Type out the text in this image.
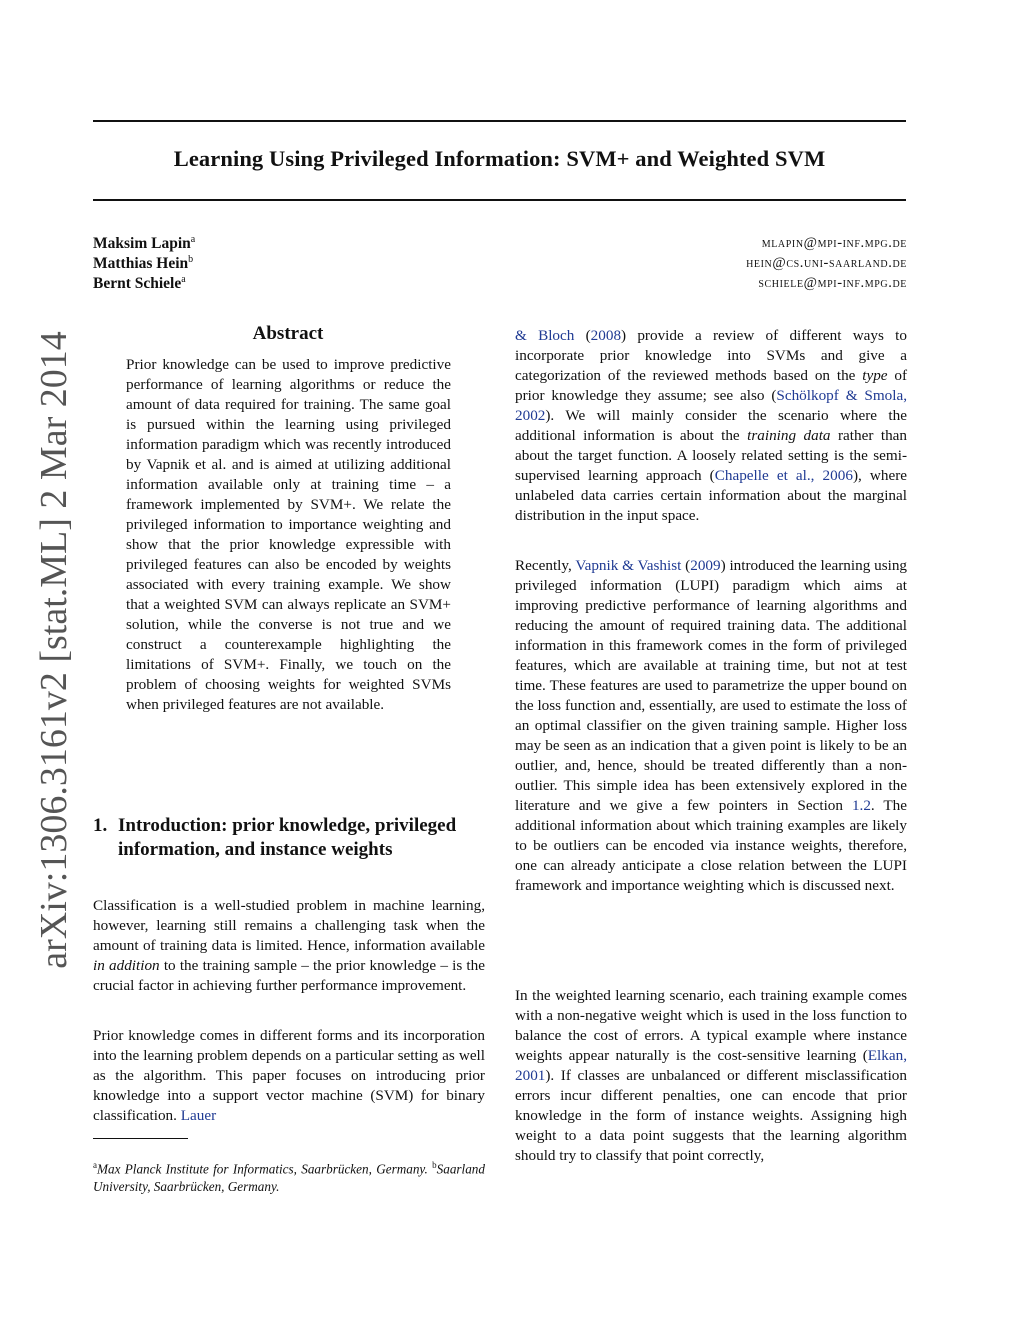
Learning Using Privileged Information: SVM+ and Weighted SVM
arXiv:1306.3161v2 [stat.ML] 2 Mar 2014
Maksim Lapin$^a$	mlapin@mpi-inf.mpg.de
Matthias Hein$^b$	hein@cs.uni-saarland.de
Bernt Schiele$^a$	schiele@mpi-inf.mpg.de
Abstract
Prior knowledge can be used to improve predictive performance of learning algorithms or reduce the amount of data required for training. The same goal is pursued within the learning using privileged information paradigm which was recently introduced by Vapnik et al. and is aimed at utilizing additional information available only at training time – a framework implemented by SVM+. We relate the privileged information to importance weighting and show that the prior knowledge expressible with privileged features can also be encoded by weights associated with every training example. We show that a weighted SVM can always replicate an SVM+ solution, while the converse is not true and we construct a counterexample highlighting the limitations of SVM+. Finally, we touch on the problem of choosing weights for weighted SVMs when privileged features are not available.
1. Introduction: prior knowledge, privileged information, and instance weights
Classification is a well-studied problem in machine learning, however, learning still remains a challenging task when the amount of training data is limited. Hence, information available in addition to the training sample – the prior knowledge – is the crucial factor in achieving further performance improvement.
Prior knowledge comes in different forms and its incorporation into the learning problem depends on a particular setting as well as the algorithm. This paper focuses on introducing prior knowledge into a support vector machine (SVM) for binary classification. Lauer
$^a$Max Planck Institute for Informatics, Saarbrücken, Germany. $^b$Saarland University, Saarbrücken, Germany.
& Bloch (2008) provide a review of different ways to incorporate prior knowledge into SVMs and give a categorization of the reviewed methods based on the type of prior knowledge they assume; see also (Schölkopf & Smola, 2002). We will mainly consider the scenario where the additional information is about the training data rather than about the target function. A loosely related setting is the semi-supervised learning approach (Chapelle et al., 2006), where unlabeled data carries certain information about the marginal distribution in the input space.
Recently, Vapnik & Vashist (2009) introduced the learning using privileged information (LUPI) paradigm which aims at improving predictive performance of learning algorithms and reducing the amount of required training data. The additional information in this framework comes in the form of privileged features, which are available at training time, but not at test time. These features are used to parametrize the upper bound on the loss function and, essentially, are used to estimate the loss of an optimal classifier on the given training sample. Higher loss may be seen as an indication that a given point is likely to be an outlier, and, hence, should be treated differently than a non-outlier. This simple idea has been extensively explored in the literature and we give a few pointers in Section 1.2. The additional information about which training examples are likely to be outliers can be encoded via instance weights, therefore, one can already anticipate a close relation between the LUPI framework and importance weighting which is discussed next.
In the weighted learning scenario, each training example comes with a non-negative weight which is used in the loss function to balance the cost of errors. A typical example where instance weights appear naturally is the cost-sensitive learning (Elkan, 2001). If classes are unbalanced or different misclassification errors incur different penalties, one can encode that prior knowledge in the form of instance weights. Assigning high weight to a data point suggests that the learning algorithm should try to classify that point correctly,
